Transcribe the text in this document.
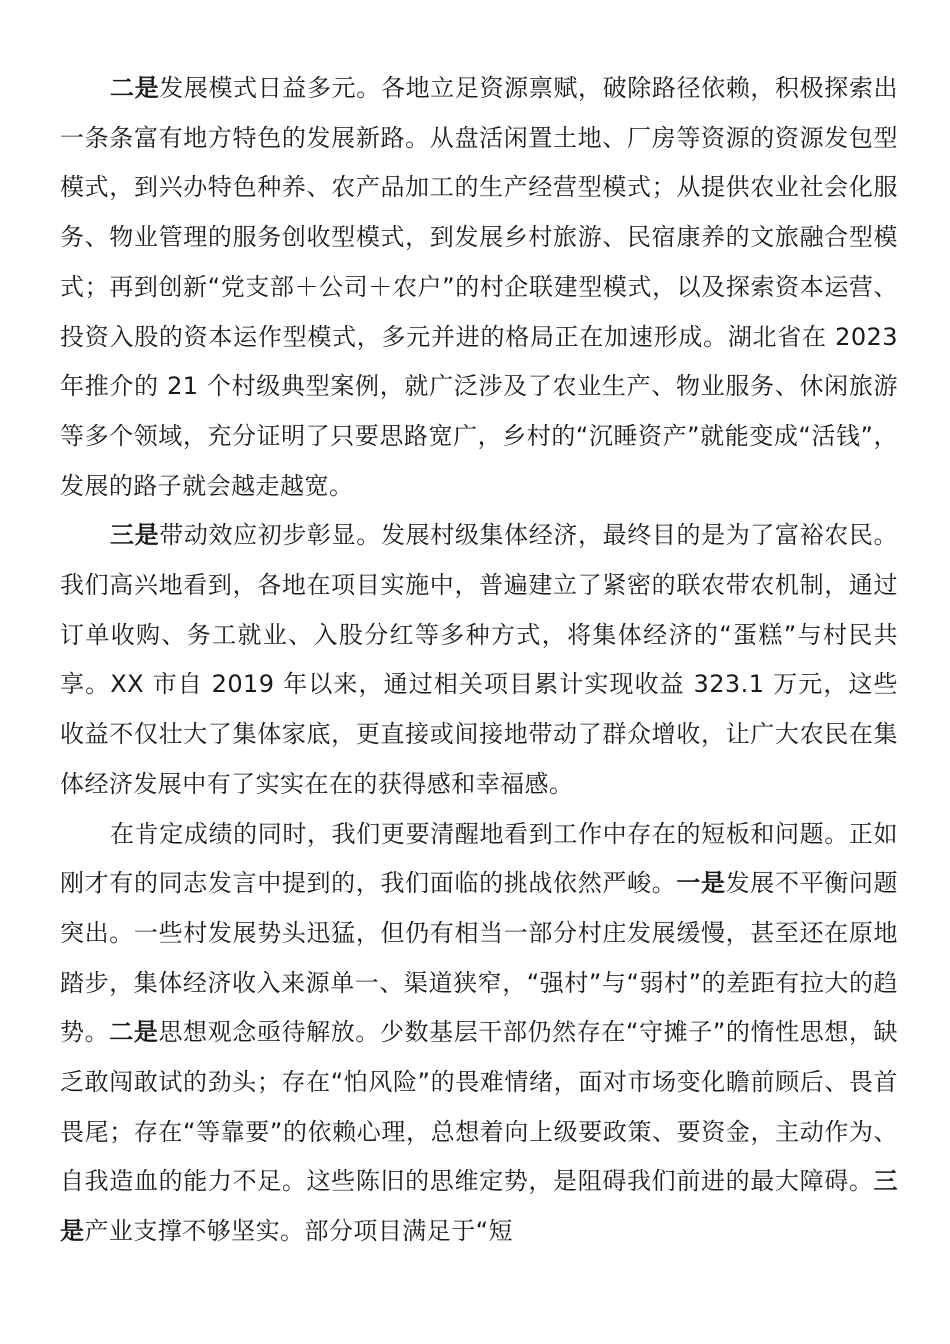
二是发展模式日益多元。各地立足资源禀赋，破除路径依赖，积极探索出一条条富有地方特色的发展新路。从盘活闲置土地、厂房等资源的资源发包型模式，到兴办特色种养、农产品加工的生产经营型模式；从提供农业社会化服务、物业管理的服务创收型模式，到发展乡村旅游、民宿康养的文旅融合型模式；再到创新“党支部＋公司＋农户”的村企联建型模式，以及探索资本运营、投资入股的资本运作型模式，多元并进的格局正在加速形成。湖北省在 2023 年推介的 21 个村级典型案例，就广泛涉及了农业生产、物业服务、休闲旅游等多个领域，充分证明了只要思路宽广，乡村的“沉睡资产”就能变成“活钱”，发展的路子就会越走越宽。

三是带动效应初步彰显。发展村级集体经济，最终目的是为了富裕农民。我们高兴地看到，各地在项目实施中，普遍建立了紧密的联农带农机制，通过订单收购、务工就业、入股分红等多种方式，将集体经济的“蛋糕”与村民共享。XX 市自 2019 年以来，通过相关项目累计实现收益 323.1 万元，这些收益不仅壮大了集体家底，更直接或间接地带动了群众增收，让广大农民在集体经济发展中有了实实在在的获得感和幸福感。

在肯定成绩的同时，我们更要清醒地看到工作中存在的短板和问题。正如刚才有的同志发言中提到的，我们面临的挑战依然严峻。一是发展不平衡问题突出。一些村发展势头迅猛，但仍有相当一部分村庄发展缓慢，甚至还在原地踏步，集体经济收入来源单一、渠道狭窄，“强村”与“弱村”的差距有拉大的趋势。二是思想观念亟待解放。少数基层干部仍然存在“守摊子”的惰性思想，缺乏敢闯敢试的劲头；存在“怕风险”的畏难情绪，面对市场变化瞻前顾后、畏首畏尾；存在“等靠要”的依赖心理，总想着向上级要政策、要资金，主动作为、自我造血的能力不足。这些陈旧的思维定势，是阻碍我们前进的最大障碍。三是产业支撑不够坚实。部分项目满足于“短
